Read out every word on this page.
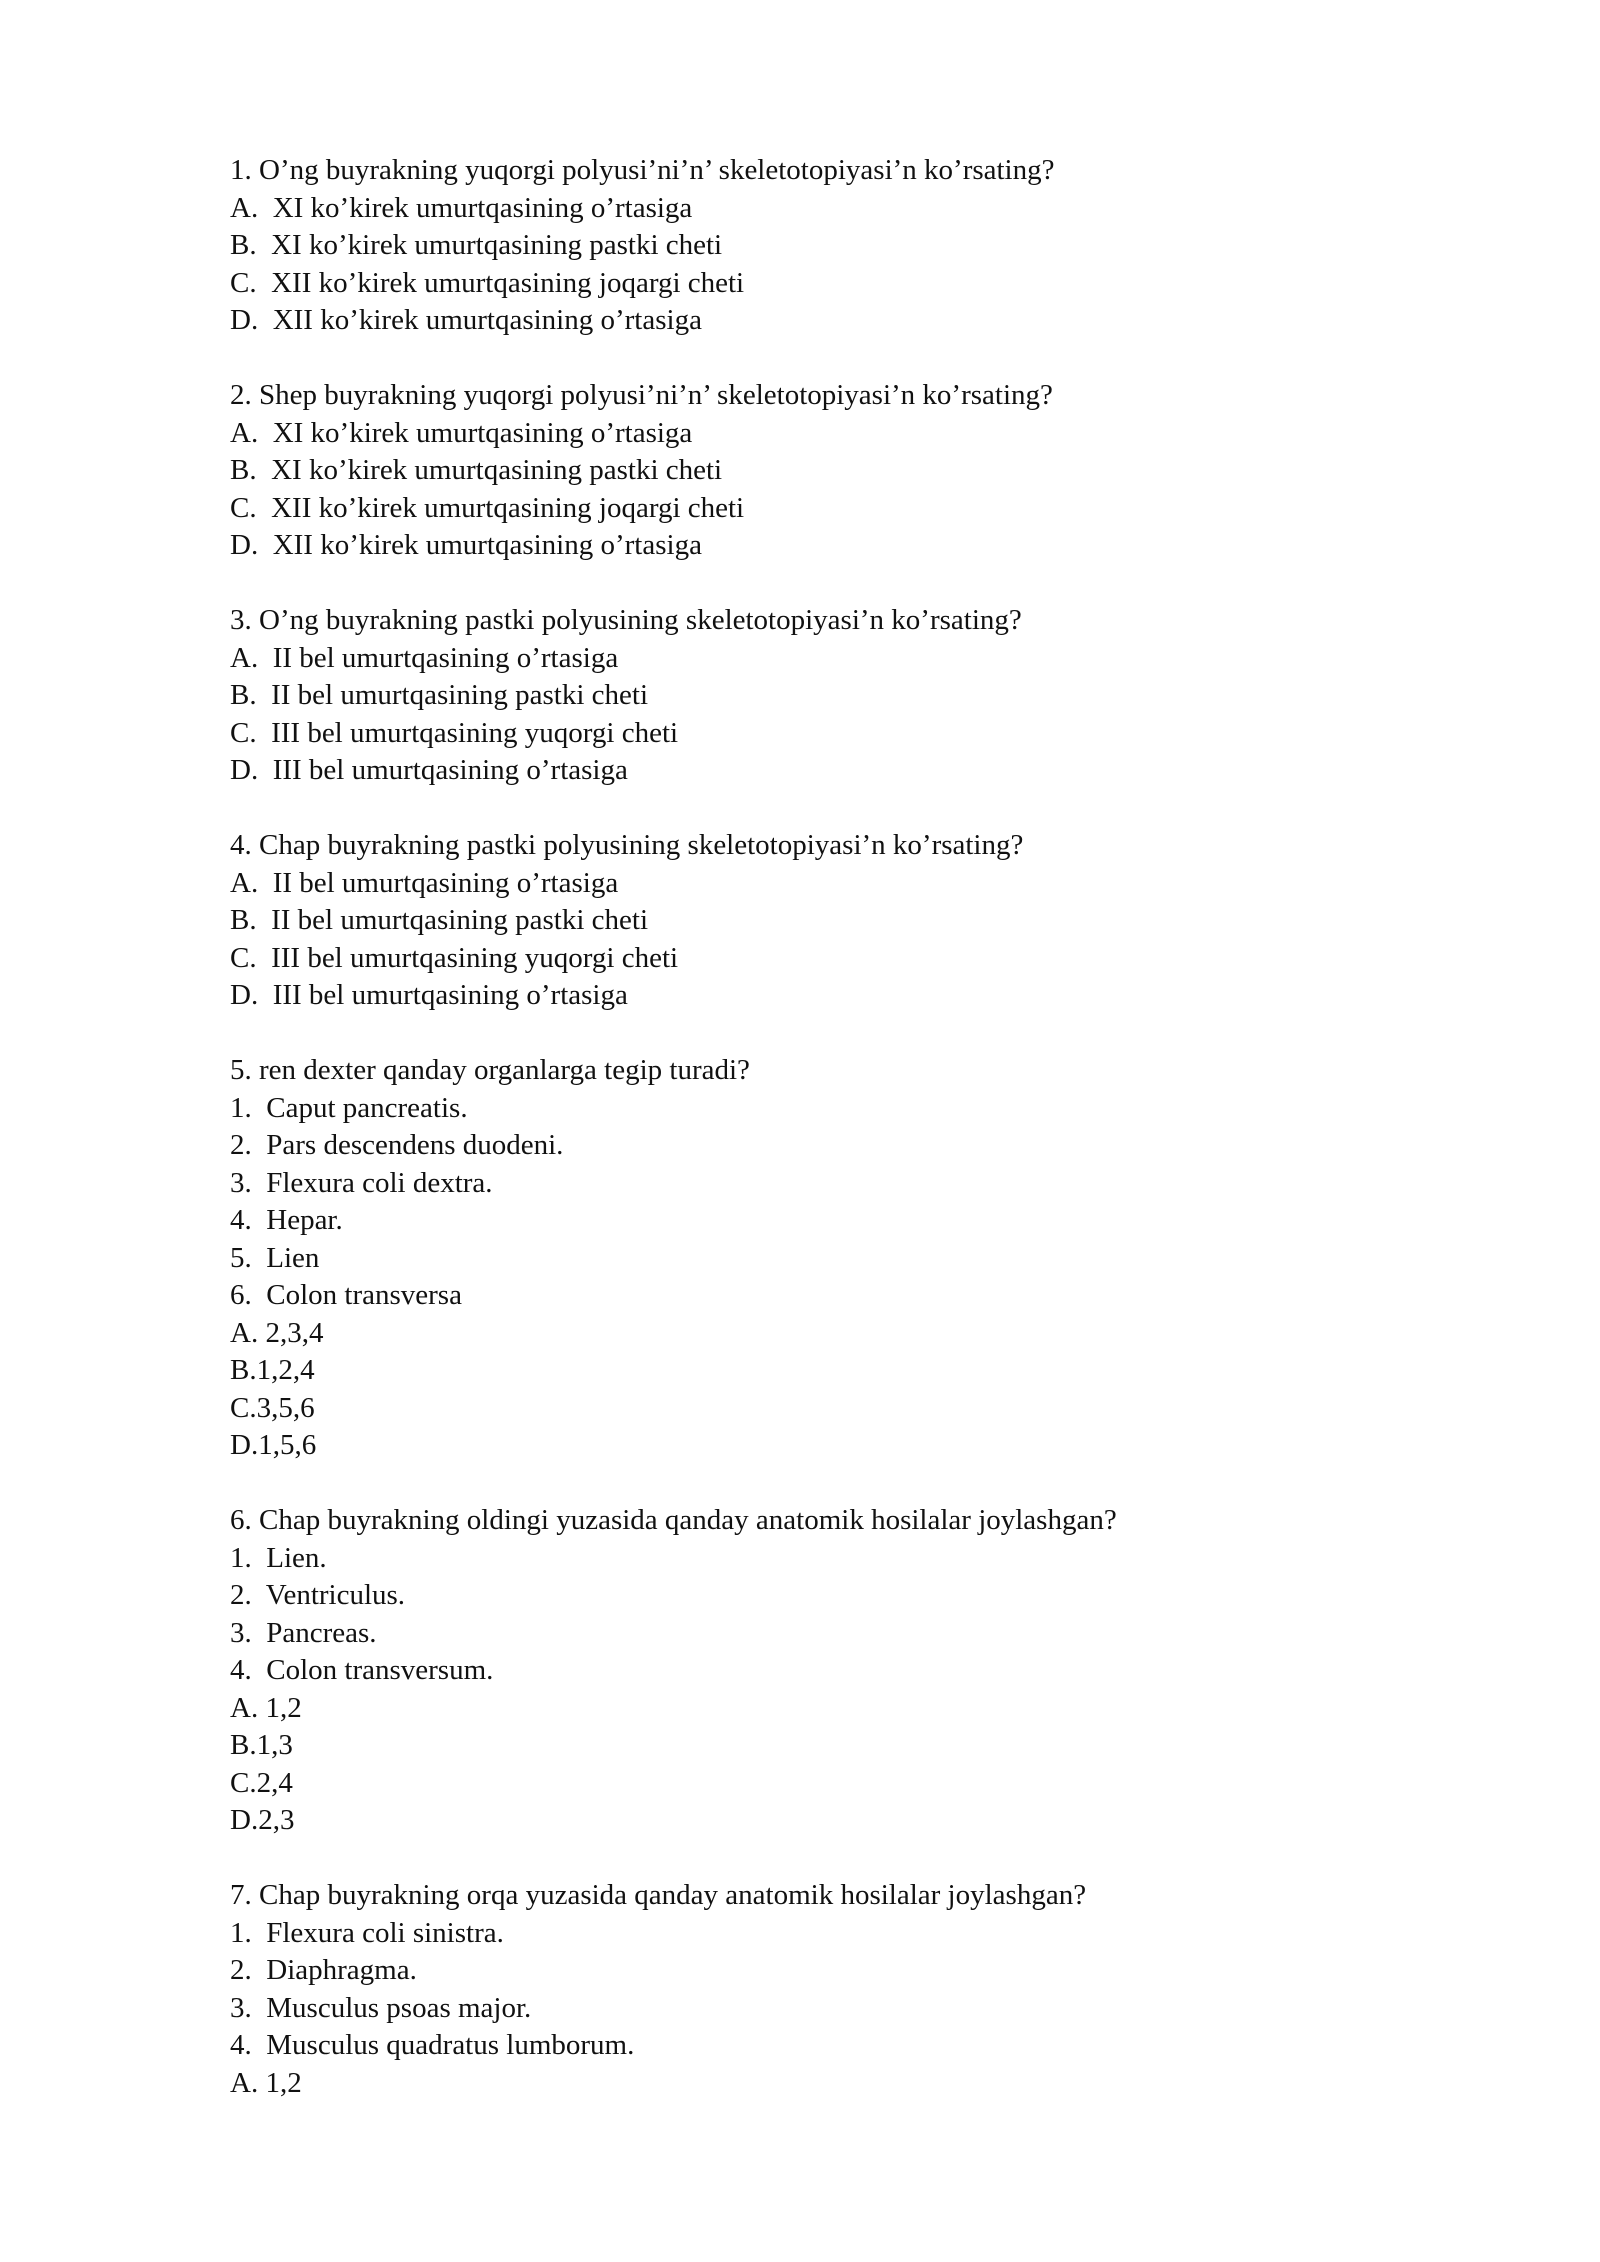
1. O’ng buyrakning yuqorgi polyusi’ni’n’ skeletotopiyasi’n ko’rsating?
A.  XI ko’kirek umurtqasining o’rtasiga
B.  XI ko’kirek umurtqasining pastki cheti
C.  XII ko’kirek umurtqasining joqargi cheti
D.  XII ko’kirek umurtqasining o’rtasiga
2. Shep buyrakning yuqorgi polyusi’ni’n’ skeletotopiyasi’n ko’rsating?
A.  XI ko’kirek umurtqasining o’rtasiga
B.  XI ko’kirek umurtqasining pastki cheti
C.  XII ko’kirek umurtqasining joqargi cheti
D.  XII ko’kirek umurtqasining o’rtasiga
3. O’ng buyrakning pastki polyusining skeletotopiyasi’n ko’rsating?
A.  II bel umurtqasining o’rtasiga
B.  II bel umurtqasining pastki cheti
C.  III bel umurtqasining yuqorgi cheti
D.  III bel umurtqasining o’rtasiga
4. Chap buyrakning pastki polyusining skeletotopiyasi’n ko’rsating?
A.  II bel umurtqasining o’rtasiga
B.  II bel umurtqasining pastki cheti
C.  III bel umurtqasining yuqorgi cheti
D.  III bel umurtqasining o’rtasiga
5. ren dexter qanday organlarga tegip turadi?
1.  Caput pancreatis.
2.  Pars descendens duodeni.
3.  Flexura coli dextra.
4.  Hepar.
5.  Lien
6.  Colon transversa
A. 2,3,4
B.1,2,4
C.3,5,6
D.1,5,6
6. Chap buyrakning oldingi yuzasida qanday anatomik hosilalar joylashgan?
1.  Lien.
2.  Ventriculus.
3.  Pancreas.
4.  Colon transversum.
A. 1,2
B.1,3
C.2,4
D.2,3
7. Chap buyrakning orqa yuzasida qanday anatomik hosilalar joylashgan?
1.  Flexura coli sinistra.
2.  Diaphragma.
3.  Musculus psoas major.
4.  Musculus quadratus lumborum.
A. 1,2
